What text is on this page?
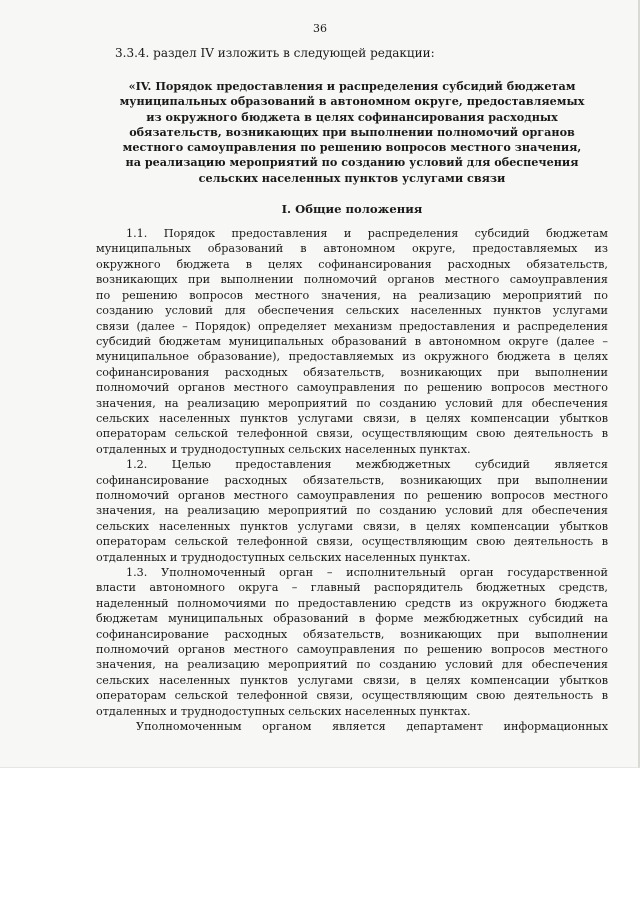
36

3.3.4. раздел IV изложить в следующей редакции:

«IV. Порядок предоставления и распределения субсидий бюджетам
муниципальных образований в автономном округе, предоставляемых
из окружного бюджета в целях софинансирования расходных
обязательств, возникающих при выполнении полномочий органов
местного самоуправления по решению вопросов местного значения,
на реализацию мероприятий по созданию условий для обеспечения
сельских населенных пунктов услугами связи
I. Общие положения

1.1. Порядок предоставления и распределения субсидий бюджетам
муниципальных образований в автономном округе, предоставляемых из
окружного бюджета в целях софинансирования расходных обязательств,
возникающих при выполнении полномочий органов местного самоуправления
по решению вопросов местного значения, на реализацию мероприятий по
созданию условий для обеспечения сельских населенных пунктов услугами
связи (далее – Порядок) определяет механизм предоставления и распределения
субсидий бюджетам муниципальных образований в автономном округе (далее –
муниципальное образование), предоставляемых из окружного бюджета в целях
софинансирования расходных обязательств, возникающих при выполнении
полномочий органов местного самоуправления по решению вопросов местного
значения, на реализацию мероприятий по созданию условий для обеспечения
сельских населенных пунктов услугами связи, в целях компенсации убытков
операторам сельской телефонной связи, осуществляющим свою деятельность в
отдаленных и труднодоступных сельских населенных пунктах.

1.2. Целью предоставления межбюджетных субсидий является
софинансирование расходных обязательств, возникающих при выполнении
полномочий органов местного самоуправления по решению вопросов местного
значения, на реализацию мероприятий по созданию условий для обеспечения
сельских населенных пунктов услугами связи, в целях компенсации убытков
операторам сельской телефонной связи, осуществляющим свою деятельность в
отдаленных и труднодоступных сельских населенных пунктах.

1.3. Уполномоченный орган – исполнительный орган государственной
власти автономного округа – главный распорядитель бюджетных средств,
наделенный полномочиями по предоставлению средств из окружного бюджета
бюджетам муниципальных образований в форме межбюджетных субсидий на
софинансирование расходных обязательств, возникающих при выполнении
полномочий органов местного самоуправления по решению вопросов местного
значения, на реализацию мероприятий по созданию условий для обеспечения
сельских населенных пунктов услугами связи, в целях компенсации убытков
операторам сельской телефонной связи, осуществляющим свою деятельность в
отдаленных и труднодоступных сельских населенных пунктах.

Уполномоченным органом является департамент информационных
